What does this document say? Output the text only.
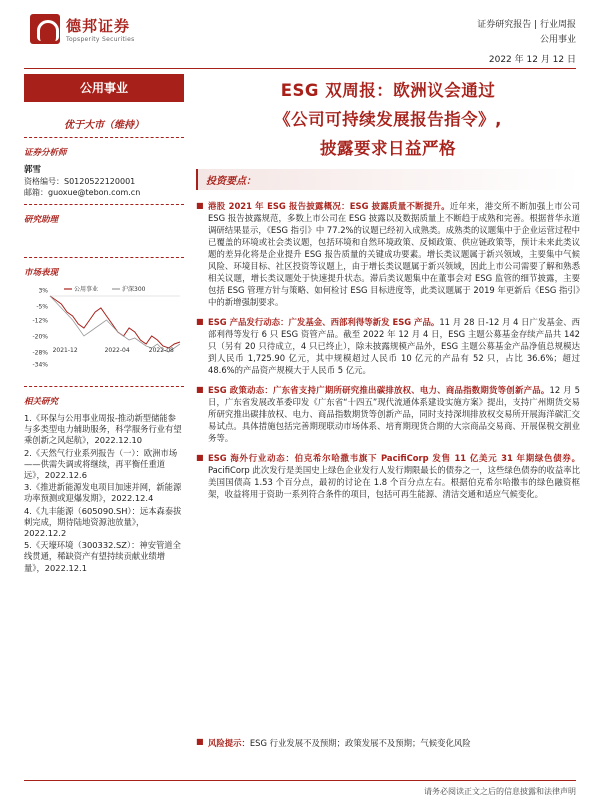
德邦证券
Topsperity Securities
证券研究报告 | 行业周报
公用事业
2022 年 12 月 12 日
公用事业
优于大市（维持）
证券分析师
郭雪
资格编号：S0120522120001
邮箱：guoxue@tebon.com.cn
研究助理
市场表现
3%
-5%
-12%
-20%
-28%
-34%
2021-12	2022-04	2022-08
公用事业	沪深300
相关研究
1.《环保与公用事业周报-推动新型储能参与多类型电力辅助服务，科学服务行业有望乘创新之风起航》，2022.12.10
2.《天然气行业系列报告（一）：欧洲市场——供需失调或将继续，再平衡任重道远》，2022.12.6
3.《推进新能源发电项目加速并网，新能源功率预测或迎爆发期》，2022.12.4
4.《九丰能源（605090.SH）：远本森泰拔刺完成，期待陆地资源池放量》，2022.12.2
5.《天壕环境（300332.SZ）：神安管道全线贯通，稀缺资产有望持续贡献业绩增量》，2022.12.1
ESG 双周报：欧洲议会通过
《公司可持续发展报告指令》,
披露要求日益严格
投资要点：
■ 港股 2021 年 ESG 报告披露概况：ESG 披露质量不断提升。近年来，港交所不断加强上市公司 ESG 报告披露规范，多数上市公司在 ESG 披露以及数据质量上不断趋于成熟和完善。根据普华永道调研结果显示，《ESG 指引》中 77.2%的议题已经初入成熟类。成熟类的议题集中于企业运营过程中已覆盖的环境或社会类议题，包括环境和自然环境政策、反倾政策、供应链政策等，预计未来此类议题的差异化将是企业提升 ESG 报告质量的关键成功要素。增长类议题属于新兴领域，主要集中气候风险、环境目标、社区投资等议题上，由于增长类议题属于新兴领域，因此上市公司需要了解和熟悉相关议题，增长类议题处于快速提升状态。滞后类议题集中在董事会对 ESG 监管的细节披露，主要包括 ESG 管理方针与策略、如何检讨 ESG 目标进度等，此类议题属于 2019 年更新后《ESG 指引》中的新增强制要求。
■ ESG 产品发行动态：广发基金、西部利得等新发 ESG 产品。11 月 28 日-12 月 4 日广发基金、西部利得等发行 6 只 ESG 资管产品。截至 2022 年 12 月 4 日，ESG 主题公募基金存续产品共 142 只（另有 20 只待成立，4 只已终止），除未披露规模产品外，ESG 主题公募基金产品净值总规模达到人民币 1,725.90 亿元，其中规模超过人民币 10 亿元的产品有 52 只，占比 36.6%；超过 48.6%的产品资产规模大于人民币 5 亿元。
■ ESG 政策动态：广东省支持广期所研究推出碳排放权、电力、商品指数期货等创新产品。12 月 5 日，广东省发展改革委印发《广东省“十四五”现代流通体系建设实施方案》提出，支持广州期货交易所研究推出碳排放权、电力、商品指数期货等创新产品，同时支持深圳排放权交易所开展海洋碳汇交易试点。具体措施包括完善期现联动市场体系、培育期现货合期的大宗商品交易商、开展保税交割业务等。
■ ESG 海外行业动态：伯克希尔哈撒韦旗下 PacifiCorp 发售 11 亿美元 31 年期绿色债券。PacifiCorp 此次发行是美国史上绿色企业发行人发行期限最长的债券之一，这些绿色债券的收益率比美国国债高 1.53 个百分点，最初的讨论在 1.8 个百分点左右。根据伯克希尔哈撒韦的绿色融资框架，收益将用于资助一系列符合条件的项目，包括可再生能源、清洁交通和适应气候变化。
■ 风险提示：ESG 行业发展不及预期；政策发展不及预期；气候变化风险
请务必阅读正文之后的信息披露和法律声明
